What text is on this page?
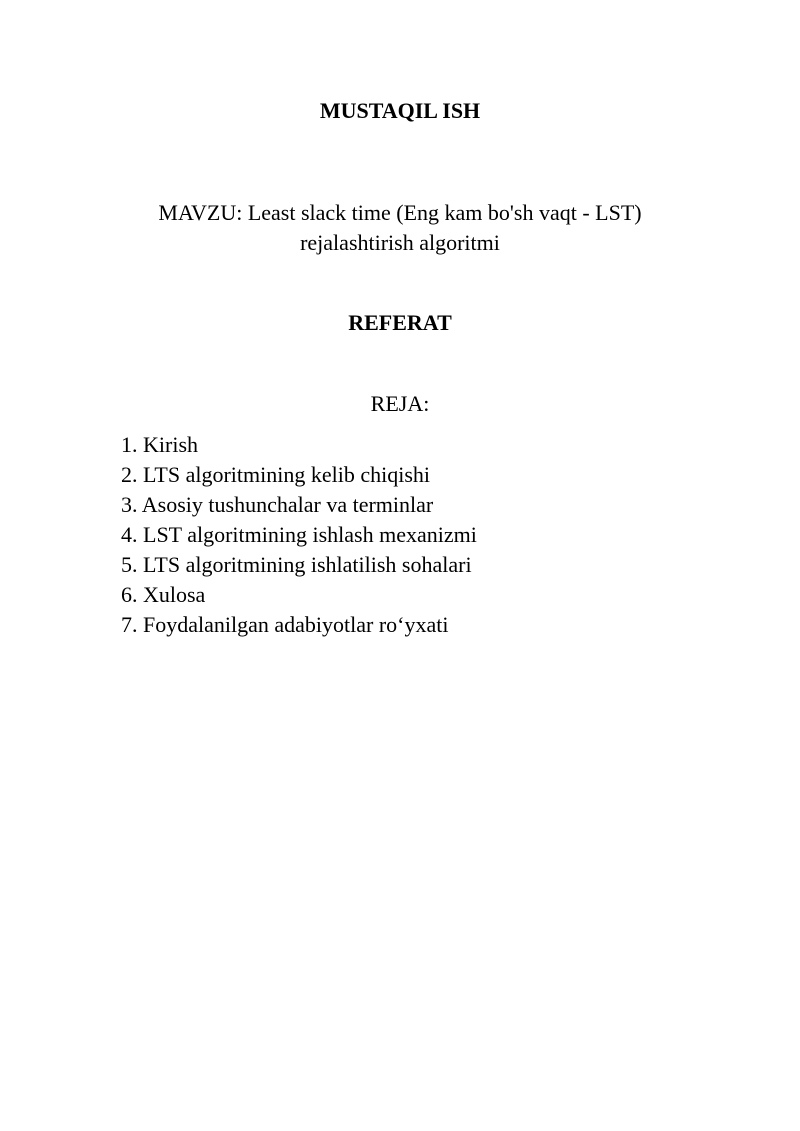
MUSTAQIL ISH
MAVZU: Least slack time (Eng kam bo'sh vaqt - LST)
rejalashtirish algoritmi
REFERAT
REJA:
1. Kirish
2. LTS algoritmining kelib chiqishi
3. Asosiy tushunchalar va terminlar
4. LST algoritmining ishlash mexanizmi
5. LTS algoritmining ishlatilish sohalari
6. Xulosa
7. Foydalanilgan adabiyotlar ro‘yxati
